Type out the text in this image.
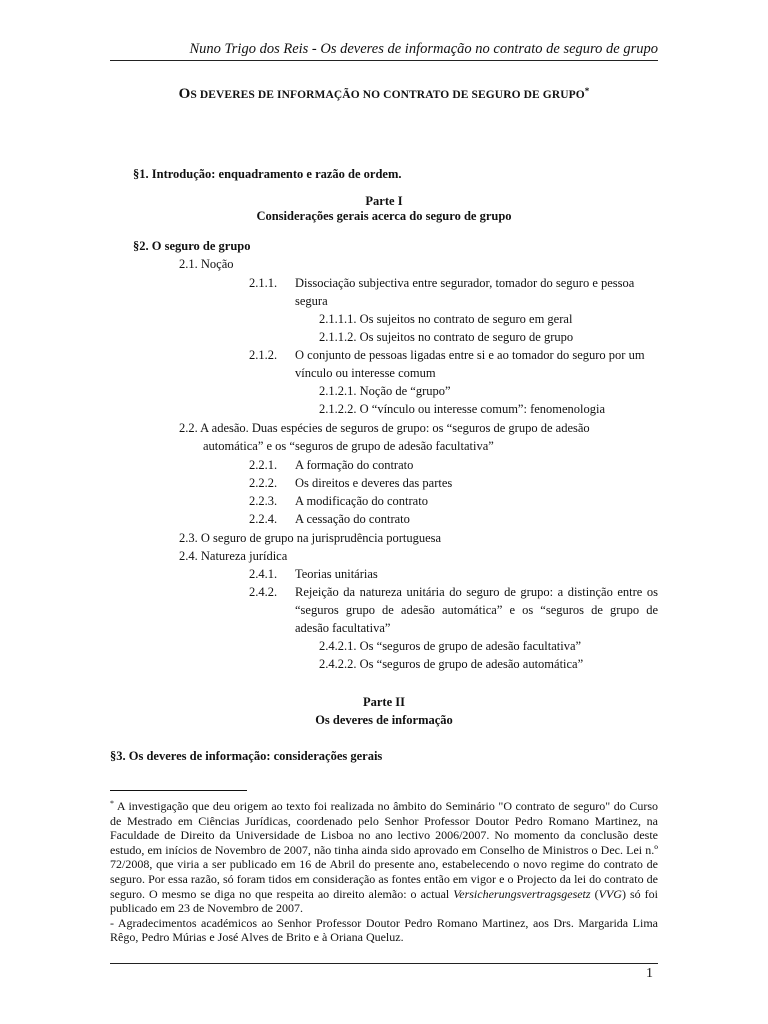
Nuno Trigo dos Reis - Os deveres de informação no contrato de seguro de grupo
OS DEVERES DE INFORMAÇÃO NO CONTRATO DE SEGURO DE GRUPO*
§1. Introdução: enquadramento e razão de ordem.
Parte I
Considerações gerais acerca do seguro de grupo
§2. O seguro de grupo
2.1. Noção
2.1.1. Dissociação subjectiva entre segurador, tomador do seguro e pessoa
segura
2.1.1.1. Os sujeitos no contrato de seguro em geral
2.1.1.2. Os sujeitos no contrato de seguro de grupo
2.1.2. O conjunto de pessoas ligadas entre si e ao tomador do seguro por um
vínculo ou interesse comum
2.1.2.1. Noção de “grupo”
2.1.2.2. O “vínculo ou interesse comum”: fenomenologia
2.2. A adesão. Duas espécies de seguros de grupo: os “seguros de grupo de adesão
automática” e os “seguros de grupo de adesão facultativa”
2.2.1. A formação do contrato
2.2.2. Os direitos e deveres das partes
2.2.3. A modificação do contrato
2.2.4. A cessação do contrato
2.3. O seguro de grupo na jurisprudência portuguesa
2.4. Natureza jurídica
2.4.1. Teorias unitárias
2.4.2. Rejeição da natureza unitária do seguro de grupo: a distinção entre os
“seguros grupo de adesão automática” e os “seguros de grupo de
adesão facultativa”
2.4.2.1. Os “seguros de grupo de adesão facultativa”
2.4.2.2. Os “seguros de grupo de adesão automática”
Parte II
Os deveres de informação
§3. Os deveres de informação: considerações gerais

* A investigação que deu origem ao texto foi realizada no âmbito do Seminário "O contrato de seguro" do Curso de Mestrado em Ciências Jurídicas, coordenado pelo Senhor Professor Doutor Pedro Romano Martinez, na Faculdade de Direito da Universidade de Lisboa no ano lectivo 2006/2007. No momento da conclusão deste estudo, em inícios de Novembro de 2007, não tinha ainda sido aprovado em Conselho de Ministros o Dec. Lei n.º 72/2008, que viria a ser publicado em 16 de Abril do presente ano, estabelecendo o novo regime do contrato de seguro. Por essa razão, só foram tidos em consideração as fontes então em vigor e o Projecto da lei do contrato de seguro. O mesmo se diga no que respeita ao direito alemão: o actual Versicherungsvertragsgesetz (VVG) só foi publicado em 23 de Novembro de 2007.

- Agradecimentos académicos ao Senhor Professor Doutor Pedro Romano Martinez, aos Drs. Margarida Lima Rêgo, Pedro Múrias e José Alves de Brito e à Oriana Queluz.

1
